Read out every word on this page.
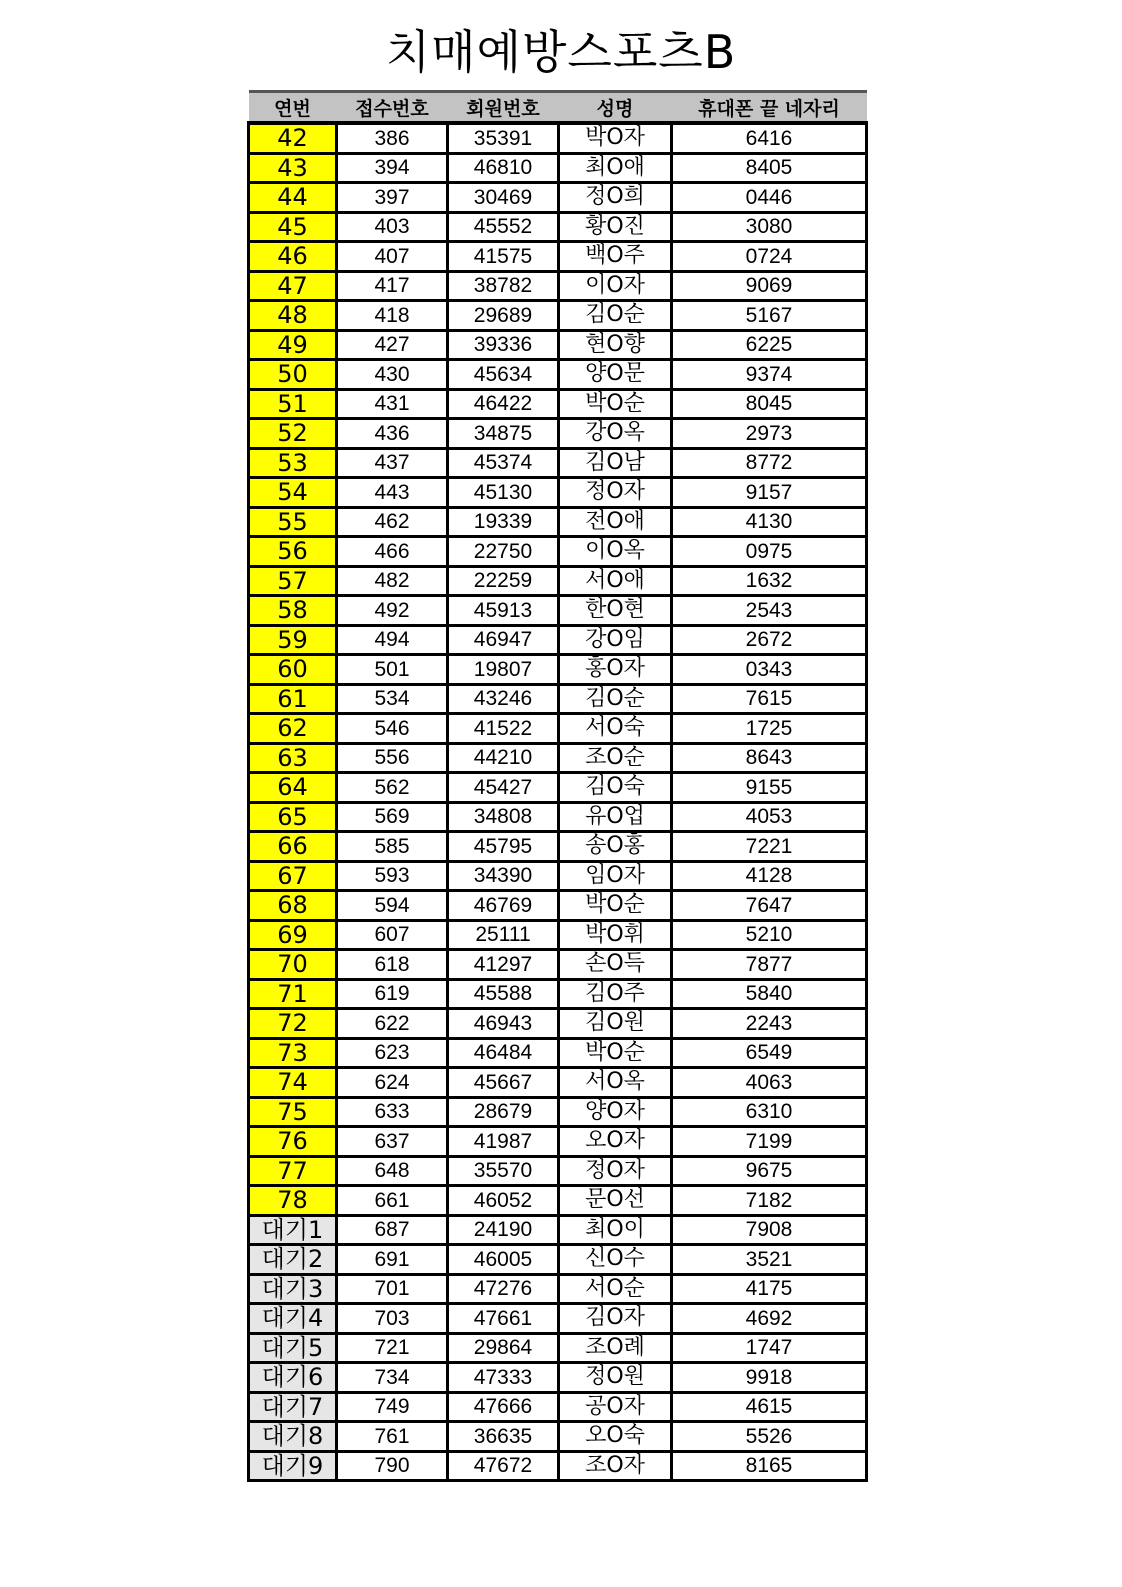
치매예방스포츠B
연번	접수번호	회원번호	성명	휴대폰 끝 네자리
42	386	35391	박O자	6416
43	394	46810	최O애	8405
44	397	30469	정O희	0446
45	403	45552	황O진	3080
46	407	41575	백O주	0724
47	417	38782	이O자	9069
48	418	29689	김O순	5167
49	427	39336	현O향	6225
50	430	45634	양O문	9374
51	431	46422	박O순	8045
52	436	34875	강O옥	2973
53	437	45374	김O남	8772
54	443	45130	정O자	9157
55	462	19339	전O애	4130
56	466	22750	이O옥	0975
57	482	22259	서O애	1632
58	492	45913	한O현	2543
59	494	46947	강O임	2672
60	501	19807	홍O자	0343
61	534	43246	김O순	7615
62	546	41522	서O숙	1725
63	556	44210	조O순	8643
64	562	45427	김O숙	9155
65	569	34808	유O업	4053
66	585	45795	송O홍	7221
67	593	34390	임O자	4128
68	594	46769	박O순	7647
69	607	25111	박O휘	5210
70	618	41297	손O득	7877
71	619	45588	김O주	5840
72	622	46943	김O원	2243
73	623	46484	박O순	6549
74	624	45667	서O옥	4063
75	633	28679	양O자	6310
76	637	41987	오O자	7199
77	648	35570	정O자	9675
78	661	46052	문O선	7182
대기1	687	24190	최O이	7908
대기2	691	46005	신O수	3521
대기3	701	47276	서O순	4175
대기4	703	47661	김O자	4692
대기5	721	29864	조O례	1747
대기6	734	47333	정O원	9918
대기7	749	47666	공O자	4615
대기8	761	36635	오O숙	5526
대기9	790	47672	조O자	8165
